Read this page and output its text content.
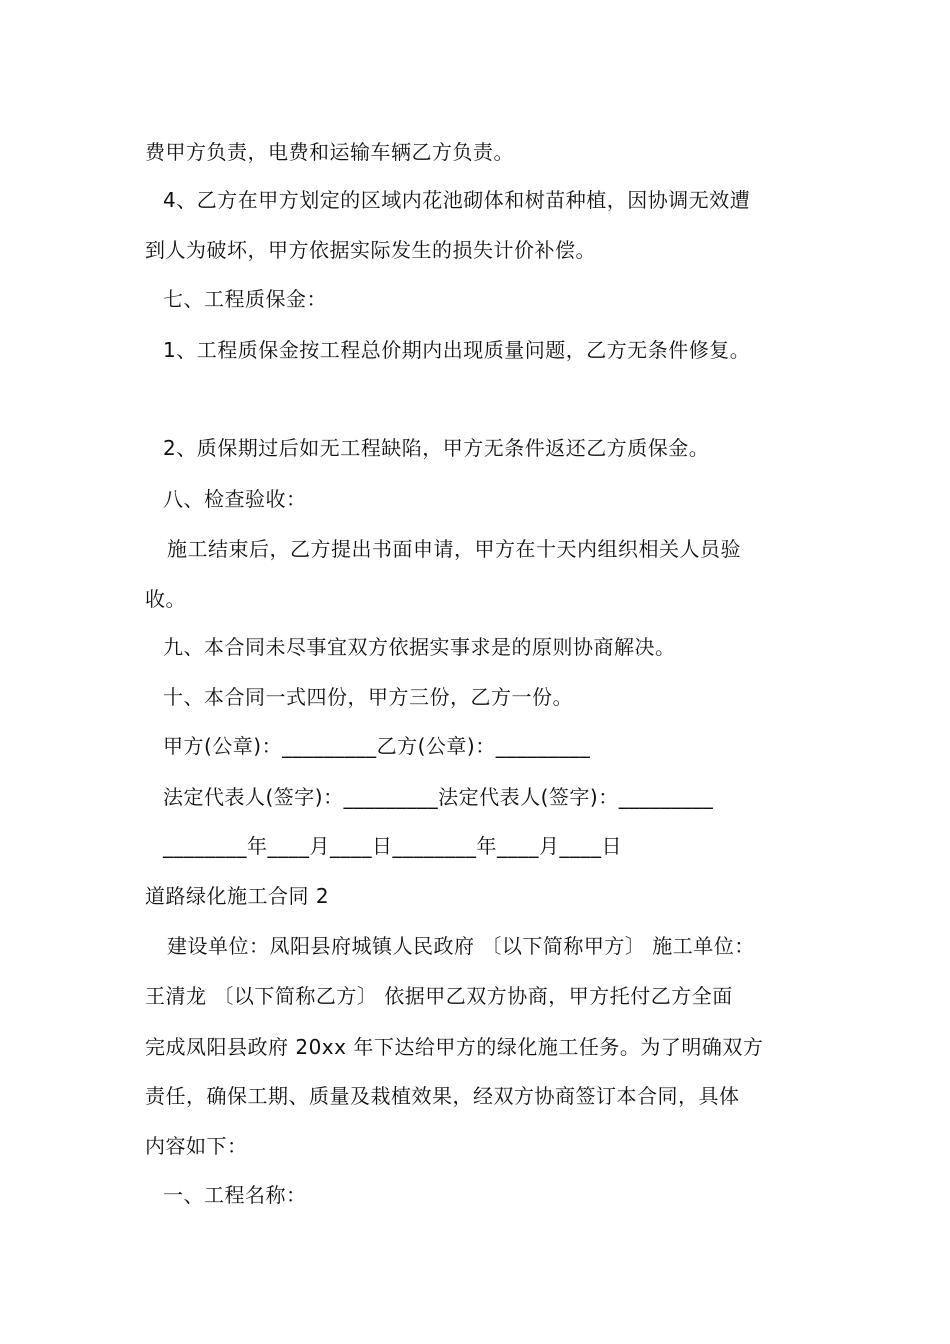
费甲方负责，电费和运输车辆乙方负责。
4、乙方在甲方划定的区域内花池砌体和树苗种植，因协调无效遭
到人为破坏，甲方依据实际发生的损失计价补偿。
七、工程质保金：
1、工程质保金按工程总价期内出现质量问题，乙方无条件修复。
2、质保期过后如无工程缺陷，甲方无条件返还乙方质保金。
八、检查验收：
施工结束后，乙方提出书面申请，甲方在十天内组织相关人员验
收。
九、本合同未尽事宜双方依据实事求是的原则协商解决。
十、本合同一式四份，甲方三份，乙方一份。
甲方(公章)：_________乙方(公章)：_________
法定代表人(签字)：_________法定代表人(签字)：_________
________年____月____日________年____月____日
道路绿化施工合同 2
建设单位：凤阳县府城镇人民政府 〔以下简称甲方〕 施工单位：
王清龙 〔以下简称乙方〕 依据甲乙双方协商，甲方托付乙方全面
完成凤阳县政府 20xx 年下达给甲方的绿化施工任务。为了明确双方
责任，确保工期、质量及栽植效果，经双方协商签订本合同，具体
内容如下：
一、工程名称：
